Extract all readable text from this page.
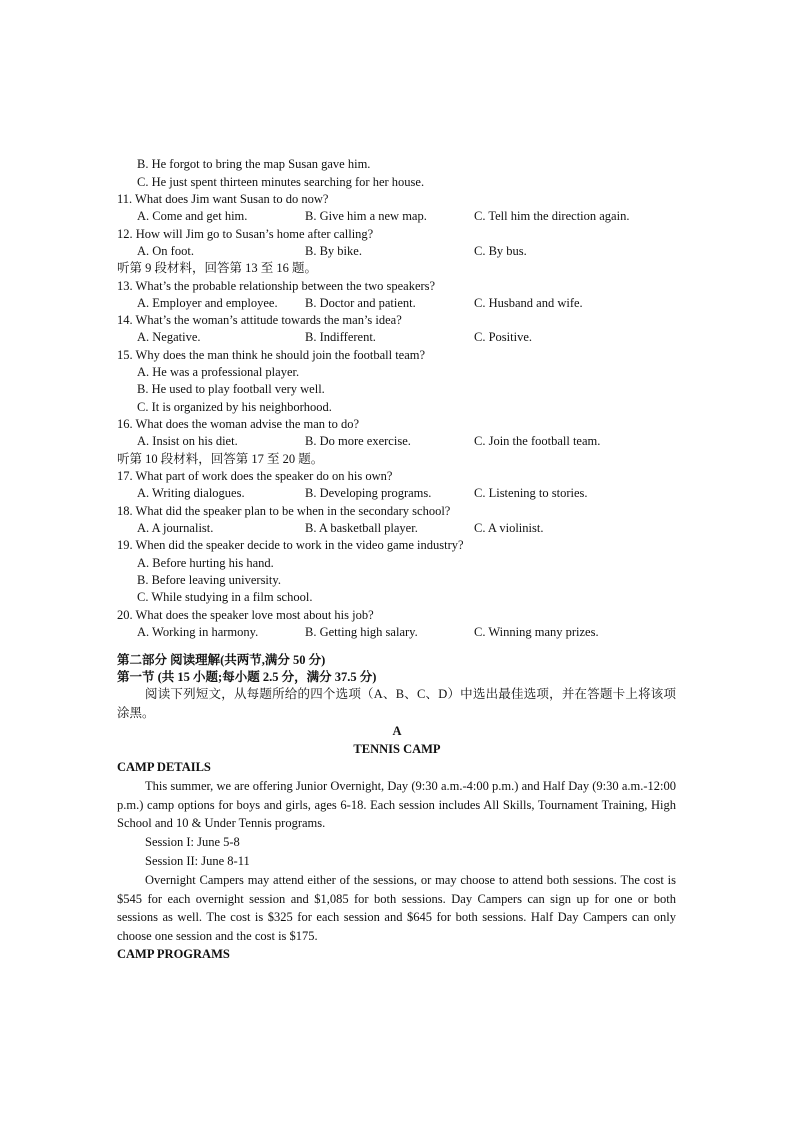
B. He forgot to bring the map Susan gave him.
C. He just spent thirteen minutes searching for her house.
11. What does Jim want Susan to do now?
A. Come and get him.	B. Give him a new map.	C. Tell him the direction again.
12. How will Jim go to Susan’s home after calling?
A. On foot.	B. By bike.	C. By bus.
听第 9 段材料，回答第 13 至 16 题。
13. What’s the probable relationship between the two speakers?
A. Employer and employee. B. Doctor and patient.	C. Husband and wife.
14. What’s the woman’s attitude towards the man’s idea?
A. Negative.	B. Indifferent.	C. Positive.
15. Why does the man think he should join the football team?
A. He was a professional player.
B. He used to play football very well.
C. It is organized by his neighborhood.
16. What does the woman advise the man to do?
A. Insist on his diet.	B. Do more exercise.	C. Join the football team.
听第 10 段材料，回答第 17 至 20 题。
17. What part of work does the speaker do on his own?
A. Writing dialogues.	B. Developing programs.	C. Listening to stories.
18. What did the speaker plan to be when in the secondary school?
A. A journalist.	B. A basketball player.	C. A violinist.
19. When did the speaker decide to work in the video game industry?
A. Before hurting his hand.
B. Before leaving university.
C. While studying in a film school.
20. What does the speaker love most about his job?
A. Working in harmony.	B. Getting high salary.	C. Winning many prizes.
第二部分 阅读理解(共两节,满分 50 分)
第一节 (共 15 小题;每小题 2.5 分，满分 37.5 分)

阅读下列短文，从每题所给的四个选项（A、B、C、D）中选出最佳选项，并在答题卡上将该项涂黑。

A
TENNIS CAMP
CAMP DETAILS

This summer, we are offering Junior Overnight, Day (9:30 a.m.-4:00 p.m.) and Half Day (9:30 a.m.-12:00 p.m.) camp options for boys and girls, ages 6-18. Each session includes All Skills, Tournament Training, High School and 10 & Under Tennis programs.

Session I: June 5-8
Session II: June 8-11

Overnight Campers may attend either of the sessions, or may choose to attend both sessions. The cost is $545 for each overnight session and $1,085 for both sessions. Day Campers can sign up for one or both sessions as well. The cost is $325 for each session and $645 for both sessions. Half Day Campers can only choose one session and the cost is $175.

CAMP PROGRAMS
